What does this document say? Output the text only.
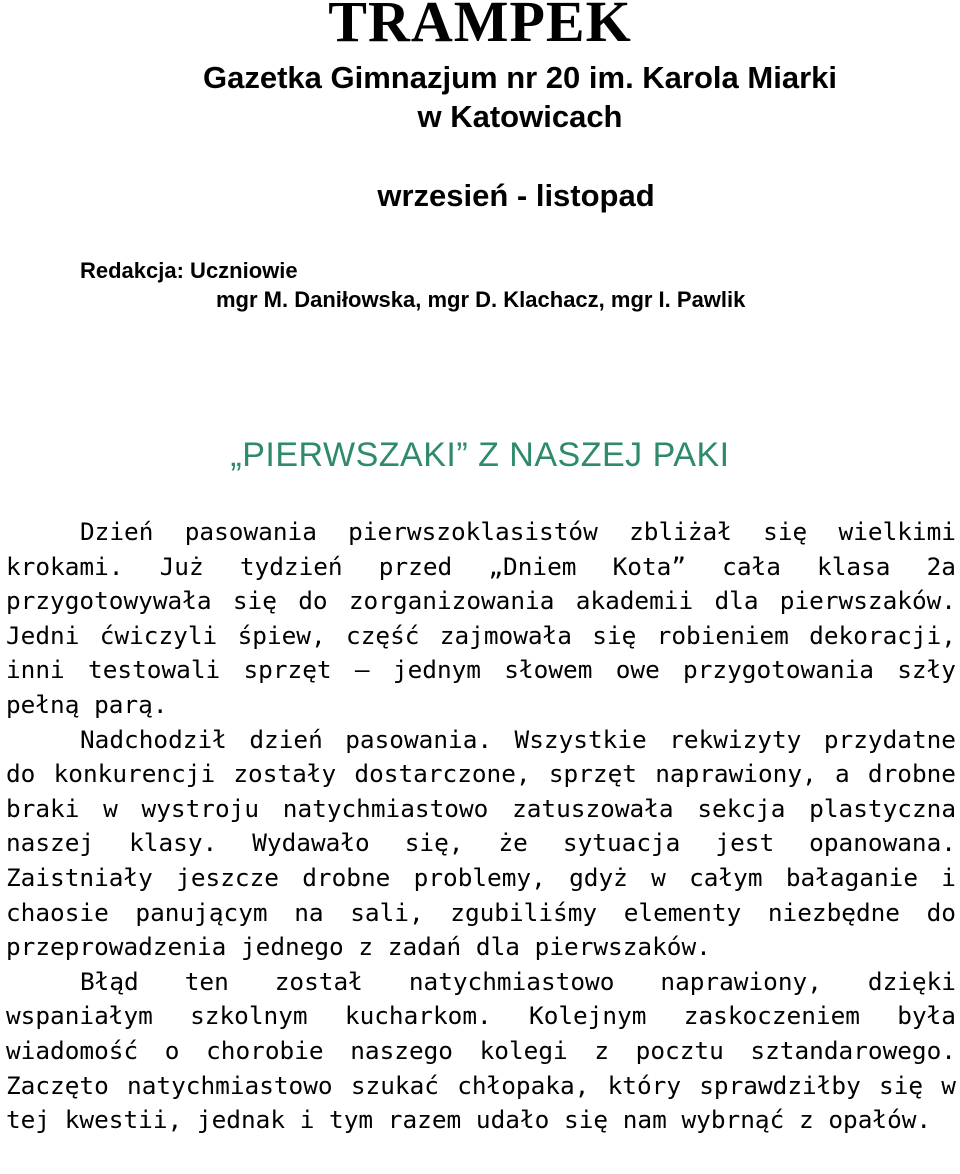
TRAMPEK
Gazetka Gimnazjum nr 20 im. Karola Miarki
w Katowicach
wrzesień - listopad
Redakcja: Uczniowie
mgr M. Daniłowska, mgr D. Klachacz, mgr I. Pawlik
„PIERWSZAKI” Z NASZEJ PAKI

Dzień pasowania pierwszoklasistów zbliżał się wielkimi krokami. Już tydzień przed „Dniem Kota” cała klasa 2a przygotowywała się do zorganizowania akademii dla pierwszaków. Jedni ćwiczyli śpiew, część zajmowała się robieniem dekoracji, inni testowali sprzęt – jednym słowem owe przygotowania szły pełną parą.

Nadchodził dzień pasowania. Wszystkie rekwizyty przydatne do konkurencji zostały dostarczone, sprzęt naprawiony, a drobne braki w wystroju natychmiastowo zatuszowała sekcja plastyczna naszej klasy. Wydawało się, że sytuacja jest opanowana. Zaistniały jeszcze drobne problemy, gdyż w całym bałaganie i chaosie panującym na sali, zgubiliśmy elementy niezbędne do przeprowadzenia jednego z zadań dla pierwszaków.

Błąd ten został natychmiastowo naprawiony, dzięki wspaniałym szkolnym kucharkom. Kolejnym zaskoczeniem była wiadomość o chorobie naszego kolegi z pocztu sztandarowego. Zaczęto natychmiastowo szukać chłopaka, który sprawdziłby się w tej kwestii, jednak i tym razem udało się nam wybrnąć z opałów.
